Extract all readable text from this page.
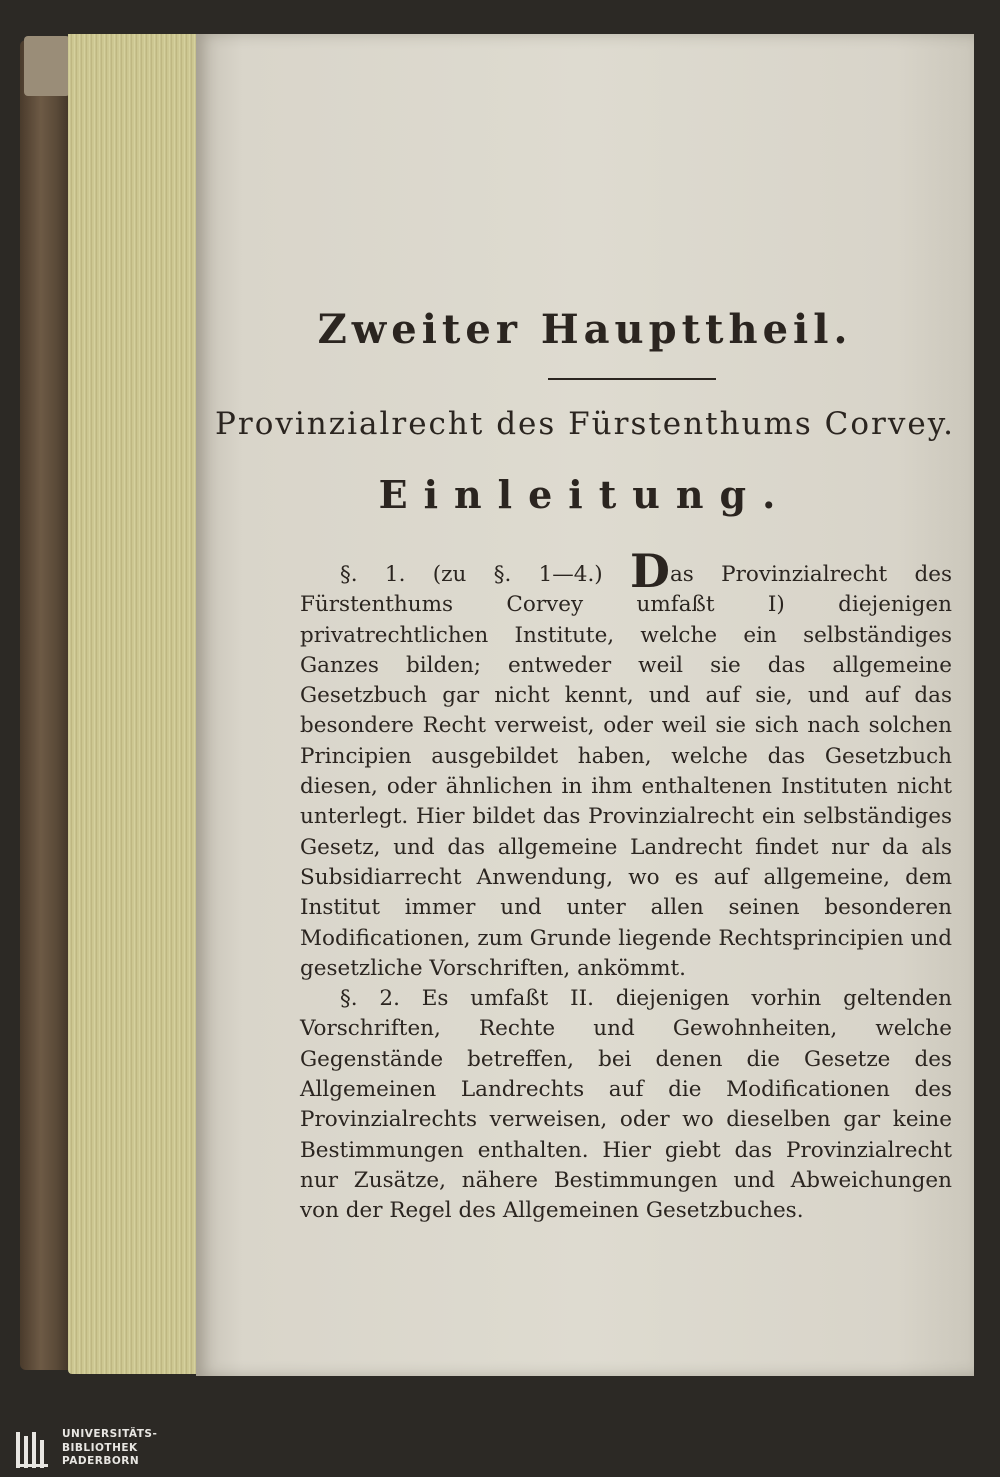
Zweiter Haupttheil.
Provinzialrecht des Fürstenthums Corvey.
Einleitung.

§. 1. (zu §. 1—4.) Das Provinzialrecht des Fürstenthums Corvey umfaßt I) diejenigen privatrechtlichen Institute, welche ein selbständiges Ganzes bilden; entweder weil sie das allgemeine Gesetzbuch gar nicht kennt, und auf sie, und auf das besondere Recht verweist, oder weil sie sich nach solchen Principien ausgebildet haben, welche das Gesetzbuch diesen, oder ähnlichen in ihm enthaltenen Instituten nicht unterlegt. Hier bildet das Provinzialrecht ein selbständiges Gesetz, und das allgemeine Landrecht findet nur da als Subsidiarrecht Anwendung, wo es auf allgemeine, dem Institut immer und unter allen seinen besonderen Modificationen, zum Grunde liegende Rechtsprincipien und gesetzliche Vorschriften, ankömmt.

§. 2. Es umfaßt II. diejenigen vorhin geltenden Vorschriften, Rechte und Gewohnheiten, welche Gegenstände betreffen, bei denen die Gesetze des Allgemeinen Landrechts auf die Modificationen des Provinzialrechts verweisen, oder wo dieselben gar keine Bestimmungen enthalten. Hier giebt das Provinzialrecht nur Zusätze, nähere Bestimmungen und Abweichungen von der Regel des Allgemeinen Gesetzbuches.

UNIVERSITÄTS-
BIBLIOTHEK
PADERBORN
